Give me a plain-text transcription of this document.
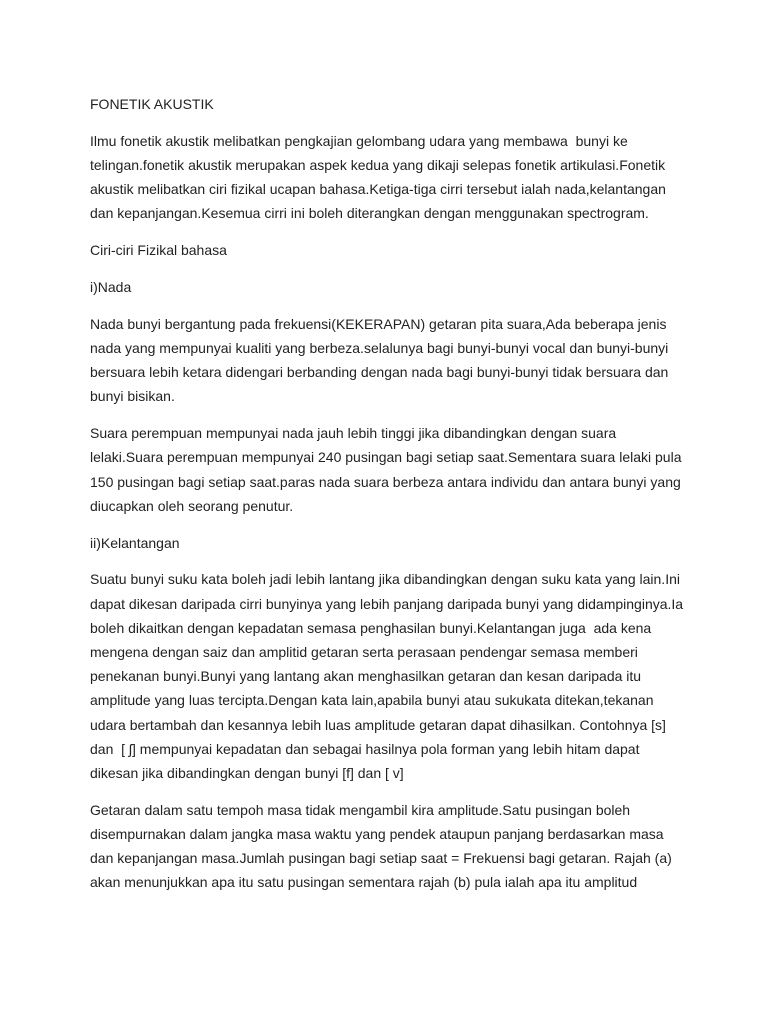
FONETIK AKUSTIK
Ilmu fonetik akustik melibatkan pengkajian gelombang udara yang membawa  bunyi ke
telingan.fonetik akustik merupakan aspek kedua yang dikaji selepas fonetik artikulasi.Fonetik
akustik melibatkan ciri fizikal ucapan bahasa.Ketiga-tiga cirri tersebut ialah nada,kelantangan
dan kepanjangan.Kesemua cirri ini boleh diterangkan dengan menggunakan spectrogram.
Ciri-ciri Fizikal bahasa
i)Nada
Nada bunyi bergantung pada frekuensi(KEKERAPAN) getaran pita suara,Ada beberapa jenis
nada yang mempunyai kualiti yang berbeza.selalunya bagi bunyi-bunyi vocal dan bunyi-bunyi
bersuara lebih ketara didengari berbanding dengan nada bagi bunyi-bunyi tidak bersuara dan
bunyi bisikan.
Suara perempuan mempunyai nada jauh lebih tinggi jika dibandingkan dengan suara
lelaki.Suara perempuan mempunyai 240 pusingan bagi setiap saat.Sementara suara lelaki pula
150 pusingan bagi setiap saat.paras nada suara berbeza antara individu dan antara bunyi yang
diucapkan oleh seorang penutur.
ii)Kelantangan
Suatu bunyi suku kata boleh jadi lebih lantang jika dibandingkan dengan suku kata yang lain.Ini
dapat dikesan daripada cirri bunyinya yang lebih panjang daripada bunyi yang didampinginya.Ia
boleh dikaitkan dengan kepadatan semasa penghasilan bunyi.Kelantangan juga  ada kena
mengena dengan saiz dan amplitid getaran serta perasaan pendengar semasa memberi
penekanan bunyi.Bunyi yang lantang akan menghasilkan getaran dan kesan daripada itu
amplitude yang luas tercipta.Dengan kata lain,apabila bunyi atau sukukata ditekan,tekanan
udara bertambah dan kesannya lebih luas amplitude getaran dapat dihasilkan. Contohnya [s]
dan  [ ʃ] mempunyai kepadatan dan sebagai hasilnya pola forman yang lebih hitam dapat
dikesan jika dibandingkan dengan bunyi [f] dan [ v]
Getaran dalam satu tempoh masa tidak mengambil kira amplitude.Satu pusingan boleh
disempurnakan dalam jangka masa waktu yang pendek ataupun panjang berdasarkan masa
dan kepanjangan masa.Jumlah pusingan bagi setiap saat = Frekuensi bagi getaran. Rajah (a)
akan menunjukkan apa itu satu pusingan sementara rajah (b) pula ialah apa itu amplitud
